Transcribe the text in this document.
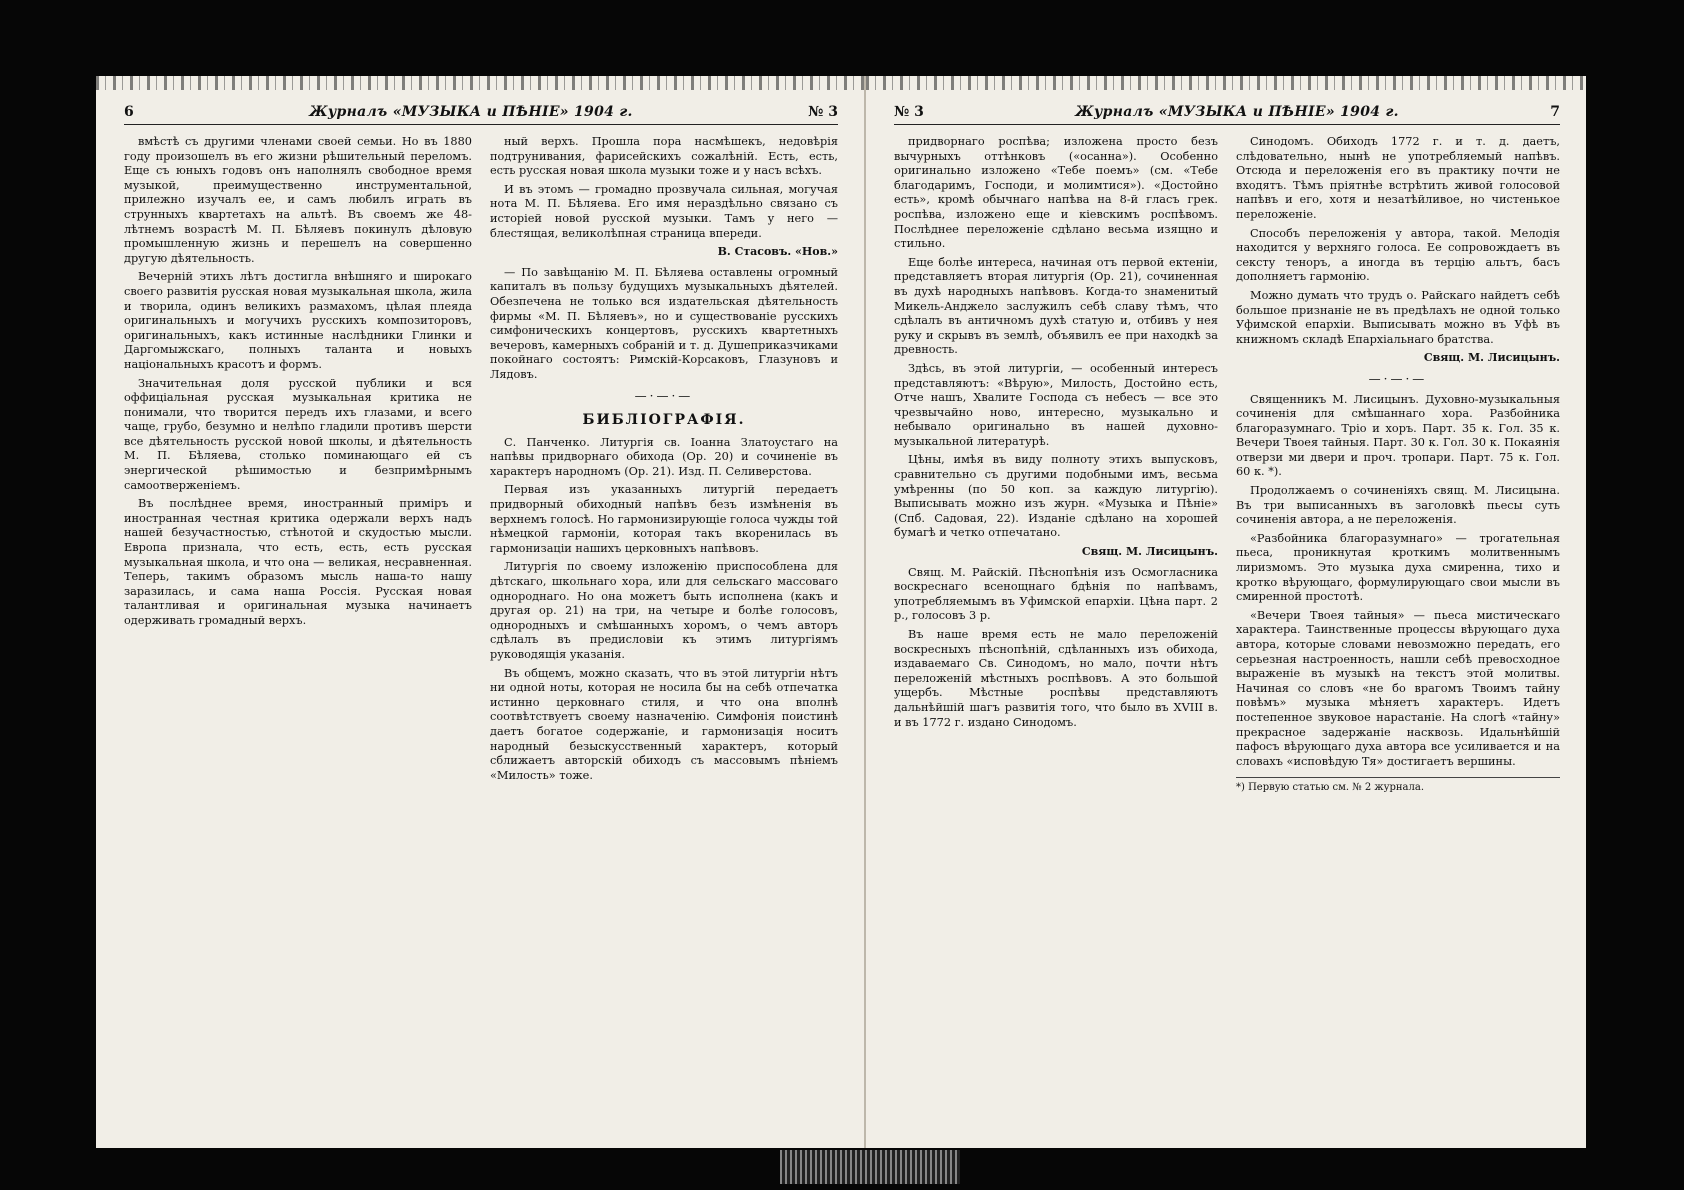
6	Журналъ «МУЗЫКА и ПѢНІЕ» 1904 г.	№ 3

вмѣстѣ съ другими членами своей семьи. Но въ 1880 году произошелъ въ его жизни рѣшительный переломъ. Еще съ юныхъ годовъ онъ наполнялъ свободное время музыкой, преимущественно инструментальной, прилежно изучалъ ее, и самъ любилъ играть въ струнныхъ квартетахъ на альтѣ. Въ своемъ же 48-лѣтнемъ возрастѣ М. П. Бѣляевъ покинулъ дѣловую промышленную жизнь и перешелъ на совершенно другую дѣятельность.

Вечерній этихъ лѣтъ достигла внѣшняго и широкаго своего развитія русская новая музыкальная школа, жила и творила, одинъ великихъ размахомъ, цѣлая плеяда оригинальныхъ и могучихъ русскихъ композиторовъ, оригинальныхъ, какъ истинные наслѣдники Глинки и Даргомыжскаго, полныхъ таланта и новыхъ національныхъ красотъ и формъ.

Значительная доля русской публики и вся оффиціальная русская музыкальная критика не понимали, что творится передъ ихъ глазами, и всего чаще, грубо, безумно и нелѣпо гладили противъ шерсти все дѣятельность русской новой школы, и дѣятельность М. П. Бѣляева, столько поминающаго ей съ энергической рѣшимостью и безпримѣрнымъ самоотверженіемъ.

Въ послѣднее время, иностранный приміръ и иностранная честная критика одержали верхъ надъ нашей безучастностью, стѣнотой и скудостью мысли. Европа признала, что есть, есть, есть русская музыкальная школа, и что она — великая, несравненная. Теперь, такимъ образомъ мысль наша-то нашу заразилась, и сама наша Россія. Русская новая талантливая и оригинальная музыка начинаетъ одерживать громадный верхъ.

ный верхъ. Прошла пора насмѣшекъ, недовѣрія подтрунивания, фарисейскихъ сожалѣній. Есть, есть, есть русская новая школа музыки тоже и у насъ всѣхъ.

И въ этомъ — громадно прозвучала сильная, могучая нота М. П. Бѣляева. Его имя нераздѣльно связано съ исторіей новой русской музыки. Тамъ у него — блестящая, великолѣпная страница впереди.

В. Стасовъ. «Нов.»

— По завѣщанію М. П. Бѣляева оставлены огромный капиталъ въ пользу будущихъ музыкальныхъ дѣятелей. Обезпечена не только вся издательская дѣятельность фирмы «М. П. Бѣляевъ», но и существованіе русскихъ симфоническихъ концертовъ, русскихъ квартетныхъ вечеровъ, камерныхъ собраній и т. д. Душеприказчиками покойнаго состоятъ: Римскій-Корсаковъ, Глазуновъ и Лядовъ.

—·—·—
БИБЛІОГРАФІЯ.

С. Панченко. Литургія св. Іоанна Златоустаго на напѣвы придворнаго обихода (Ор. 20) и сочиненіе въ характеръ народномъ (Ор. 21). Изд. П. Селиверстова.

Первая изъ указанныхъ литургій передаетъ придворный обиходный напѣвъ безъ измѣненія въ верхнемъ голосѣ. Но гармонизирующіе голоса чужды той нѣмецкой гармоніи, которая такъ вкоренилась въ гармонизаціи нашихъ церковныхъ напѣвовъ.

Литургія по своему изложенію приспособлена для дѣтскаго, школьнаго хора, или для сельскаго массоваго однороднаго. Но она можетъ быть исполнена (какъ и другая ор. 21) на три, на четыре и болѣе голосовъ, однородныхъ и смѣшанныхъ хоромъ, о чемъ авторъ сдѣлалъ въ предисловіи къ этимъ литургіямъ руководящія указанія.

Въ общемъ, можно сказать, что въ этой литургіи нѣтъ ни одной ноты, которая не носила бы на себѣ отпечатка истинно церковнаго стиля, и что она вполнѣ соотвѣтствуетъ своему назначенію. Симфонія поистинѣ даетъ богатое содержаніе, и гармонизація носитъ народный безыскусственный характеръ, который сближаетъ авторскій обиходъ съ массовымъ пѣніемъ «Милость» тоже.

№ 3	Журналъ «МУЗЫКА и ПѢНІЕ» 1904 г.	7

придворнаго роспѣва; изложена просто безъ вычурныхъ оттѣнковъ («осанна»). Особенно оригинально изложено «Тебе поемъ» (см. «Тебе благодаримъ, Господи, и молимтися»). «Достойно есть», кромѣ обычнаго напѣва на 8-й гласъ грек. роспѣва, изложено еще и кіевскимъ роспѣвомъ. Послѣднее переложеніе сдѣлано весьма изящно и стильно.

Еще болѣе интереса, начиная отъ первой ектеніи, представляетъ вторая литургія (Ор. 21), сочиненная въ духѣ народныхъ напѣвовъ. Когда-то знаменитый Микель-Анджело заслужилъ себѣ славу тѣмъ, что сдѣлалъ въ античномъ духѣ статую и, отбивъ у нея руку и скрывъ въ землѣ, объявилъ ее при находкѣ за древность.

Здѣсь, въ этой литургіи, — особенный интересъ представляютъ: «Вѣрую», Милость, Достойно есть, Отче нашъ, Хвалите Господа съ небесъ — все это чрезвычайно ново, интересно, музыкально и небывало оригинально въ нашей духовно-музыкальной литературѣ.

Цѣны, имѣя въ виду полноту этихъ выпусковъ, сравнительно съ другими подобными имъ, весьма умѣренны (по 50 коп. за каждую литургію). Выписывать можно изъ журн. «Музыка и Пѣніе» (Спб. Садовая, 22). Изданіе сдѣлано на хорошей бумагѣ и четко отпечатано.

Свящ. М. Лисицынъ.

Свящ. М. Райскій. Пѣснопѣнія изъ Осмогласника воскреснаго всенощнаго бдѣнія по напѣвамъ, употребляемымъ въ Уфимской епархіи. Цѣна парт. 2 р., голосовъ 3 р.

Въ наше время есть не мало переложеній воскресныхъ пѣснопѣній, сдѣланныхъ изъ обихода, издаваемаго Св. Синодомъ, но мало, почти нѣтъ переложеній мѣстныхъ роспѣвовъ. А это большой ущербъ. Мѣстные роспѣвы представляютъ дальнѣйшій шагъ развитія того, что было въ XVIII в. и въ 1772 г. издано Синодомъ.

Синодомъ. Обиходъ 1772 г. и т. д. даетъ, слѣдовательно, нынѣ не употребляемый напѣвъ. Отсюда и переложенія его въ практику почти не входятъ. Тѣмъ пріятнѣе встрѣтить живой голосовой напѣвъ и его, хотя и незатѣйливое, но чистенькое переложеніе.

Способъ переложенія у автора, такой. Мелодія находится у верхняго голоса. Ее сопровождаетъ въ сексту теноръ, а иногда въ терцію альтъ, басъ дополняетъ гармонію.

Можно думать что трудъ о. Райскаго найдетъ себѣ большое признаніе не въ предѣлахъ не одной только Уфимской епархіи. Выписывать можно въ Уфѣ въ книжномъ складѣ Епархіальнаго братства.

Свящ. М. Лисицынъ.
—·—·—

Священникъ М. Лисицынъ. Духовно-музыкальныя сочиненія для смѣшаннаго хора. Разбойника благоразумнаго. Тріо и хоръ. Парт. 35 к. Гол. 35 к. Вечери Твоея тайныя. Парт. 30 к. Гол. 30 к. Покаянія отверзи ми двери и проч. тропари. Парт. 75 к. Гол. 60 к. *).

Продолжаемъ о сочиненіяхъ свящ. М. Лисицына. Въ три выписанныхъ въ заголовкѣ пьесы суть сочиненія автора, а не переложенія.

«Разбойника благоразумнаго» — трогательная пьеса, проникнутая кроткимъ молитвеннымъ лиризмомъ. Это музыка духа смиренна, тихо и кротко вѣрующаго, формулирующаго свои мысли въ смиренной простотѣ.

«Вечери Твоея тайныя» — пьеса мистическаго характера. Таинственные процессы вѣрующаго духа автора, которые словами невозможно передать, его серьезная настроенность, нашли себѣ превосходное выраженіе въ музыкѣ на текстъ этой молитвы. Начиная со словъ «не бо врагомъ Твоимъ тайну повѣмъ» музыка мѣняетъ характеръ. Идетъ постепенное звуковое нарастаніе. На слогѣ «тайну» прекрасное задержаніе насквозь. Идальнѣйшій пафосъ вѣрующаго духа автора все усиливается и на словахъ «исповѣдую Тя» достигаетъ вершины.

*) Первую статью см. № 2 журнала.
